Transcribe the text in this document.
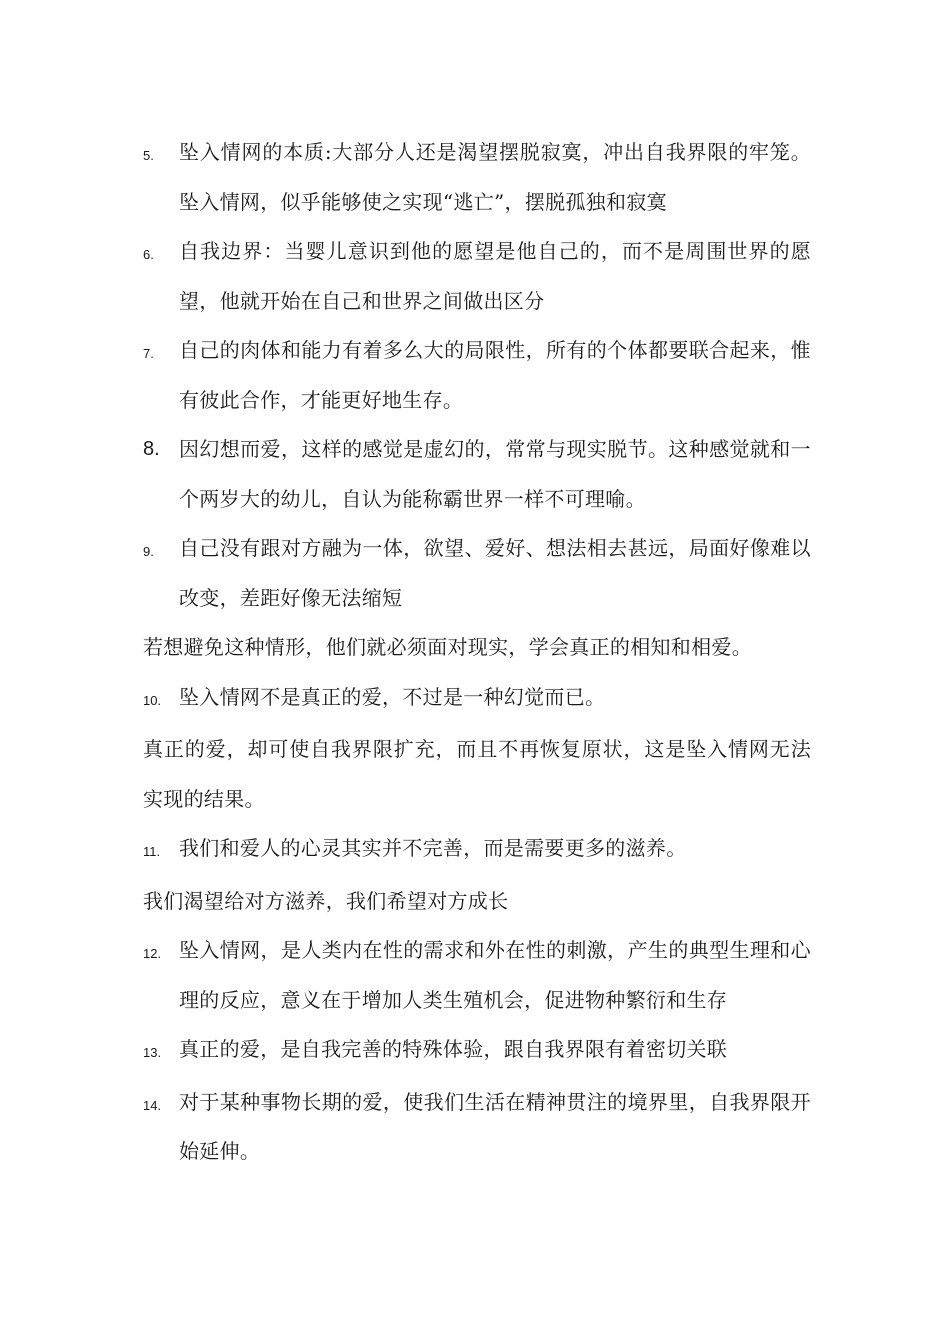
5.	坠入情网的本质:大部分人还是渴望摆脱寂寞，冲出自我界限的牢笼。坠入情网，似乎能够使之实现“逃亡”，摆脱孤独和寂寞
6.	自我边界：当婴儿意识到他的愿望是他自己的，而不是周围世界的愿望，他就开始在自己和世界之间做出区分
7.	自己的肉体和能力有着多么大的局限性，所有的个体都要联合起来，惟有彼此合作，才能更好地生存。
8. 因幻想而爱，这样的感觉是虚幻的，常常与现实脱节。这种感觉就和一个两岁大的幼儿，自认为能称霸世界一样不可理喻。
9.	自己没有跟对方融为一体，欲望、爱好、想法相去甚远，局面好像难以改变，差距好像无法缩短
若想避免这种情形，他们就必须面对现实，学会真正的相知和相爱。
10. 坠入情网不是真正的爱，不过是一种幻觉而已。
真正的爱，却可使自我界限扩充，而且不再恢复原状，这是坠入情网无法实现的结果。
11. 我们和爱人的心灵其实并不完善，而是需要更多的滋养。
我们渴望给对方滋养，我们希望对方成长
12. 坠入情网，是人类内在性的需求和外在性的刺激，产生的典型生理和心理的反应，意义在于增加人类生殖机会，促进物种繁衍和生存
13. 真正的爱，是自我完善的特殊体验，跟自我界限有着密切关联
14. 对于某种事物长期的爱，使我们生活在精神贯注的境界里，自我界限开始延伸。
